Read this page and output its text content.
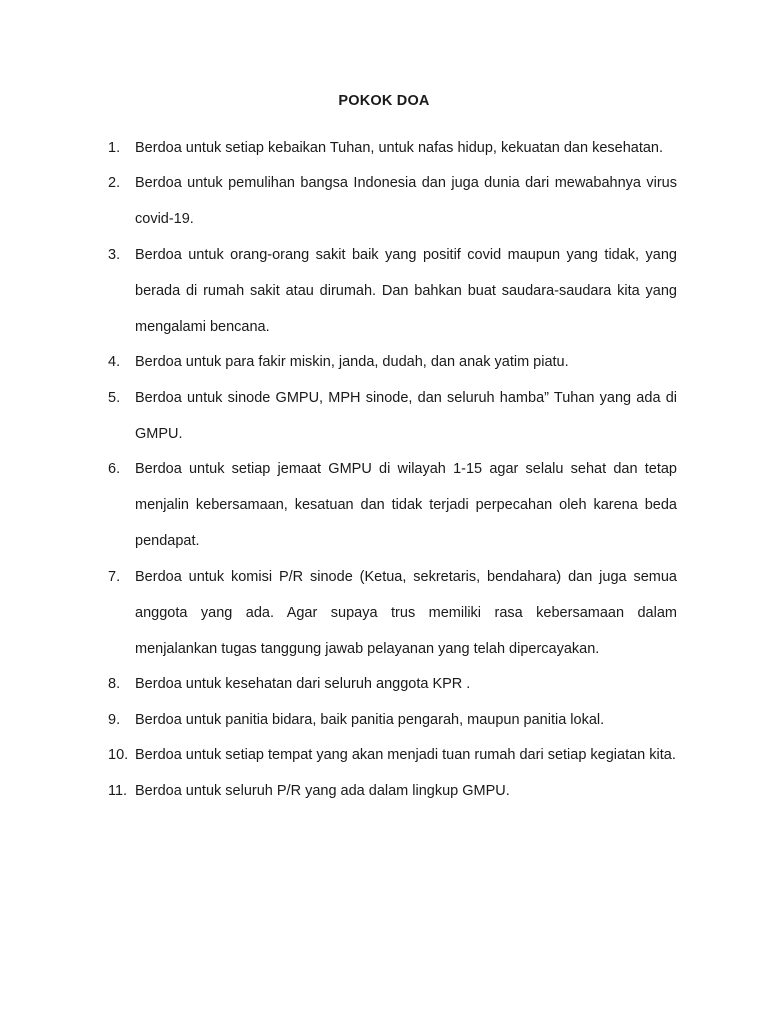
POKOK DOA
1.	Berdoa untuk setiap kebaikan Tuhan, untuk nafas hidup, kekuatan dan kesehatan.
2.	Berdoa untuk pemulihan bangsa Indonesia dan juga dunia dari mewabahnya virus covid-19.
3.	Berdoa untuk orang-orang sakit baik yang positif covid maupun yang tidak, yang berada di rumah sakit atau dirumah. Dan bahkan buat saudara-saudara kita yang mengalami bencana.
4.	Berdoa untuk para fakir miskin, janda, dudah, dan anak yatim piatu.
5.	Berdoa untuk sinode GMPU, MPH sinode, dan seluruh hamba” Tuhan yang ada di GMPU.
6.	Berdoa untuk setiap jemaat GMPU di wilayah 1-15 agar selalu sehat dan tetap menjalin kebersamaan, kesatuan dan tidak terjadi perpecahan oleh karena beda pendapat.
7.	Berdoa untuk komisi P/R sinode (Ketua, sekretaris, bendahara) dan juga semua anggota yang ada. Agar supaya trus memiliki rasa kebersamaan dalam menjalankan tugas tanggung jawab pelayanan yang telah dipercayakan.
8.	Berdoa untuk kesehatan dari seluruh anggota KPR .
9.	Berdoa untuk panitia bidara, baik panitia pengarah, maupun panitia lokal.
10. Berdoa untuk setiap tempat yang akan menjadi tuan rumah dari setiap kegiatan kita.
11. Berdoa untuk seluruh P/R yang ada dalam lingkup GMPU.
